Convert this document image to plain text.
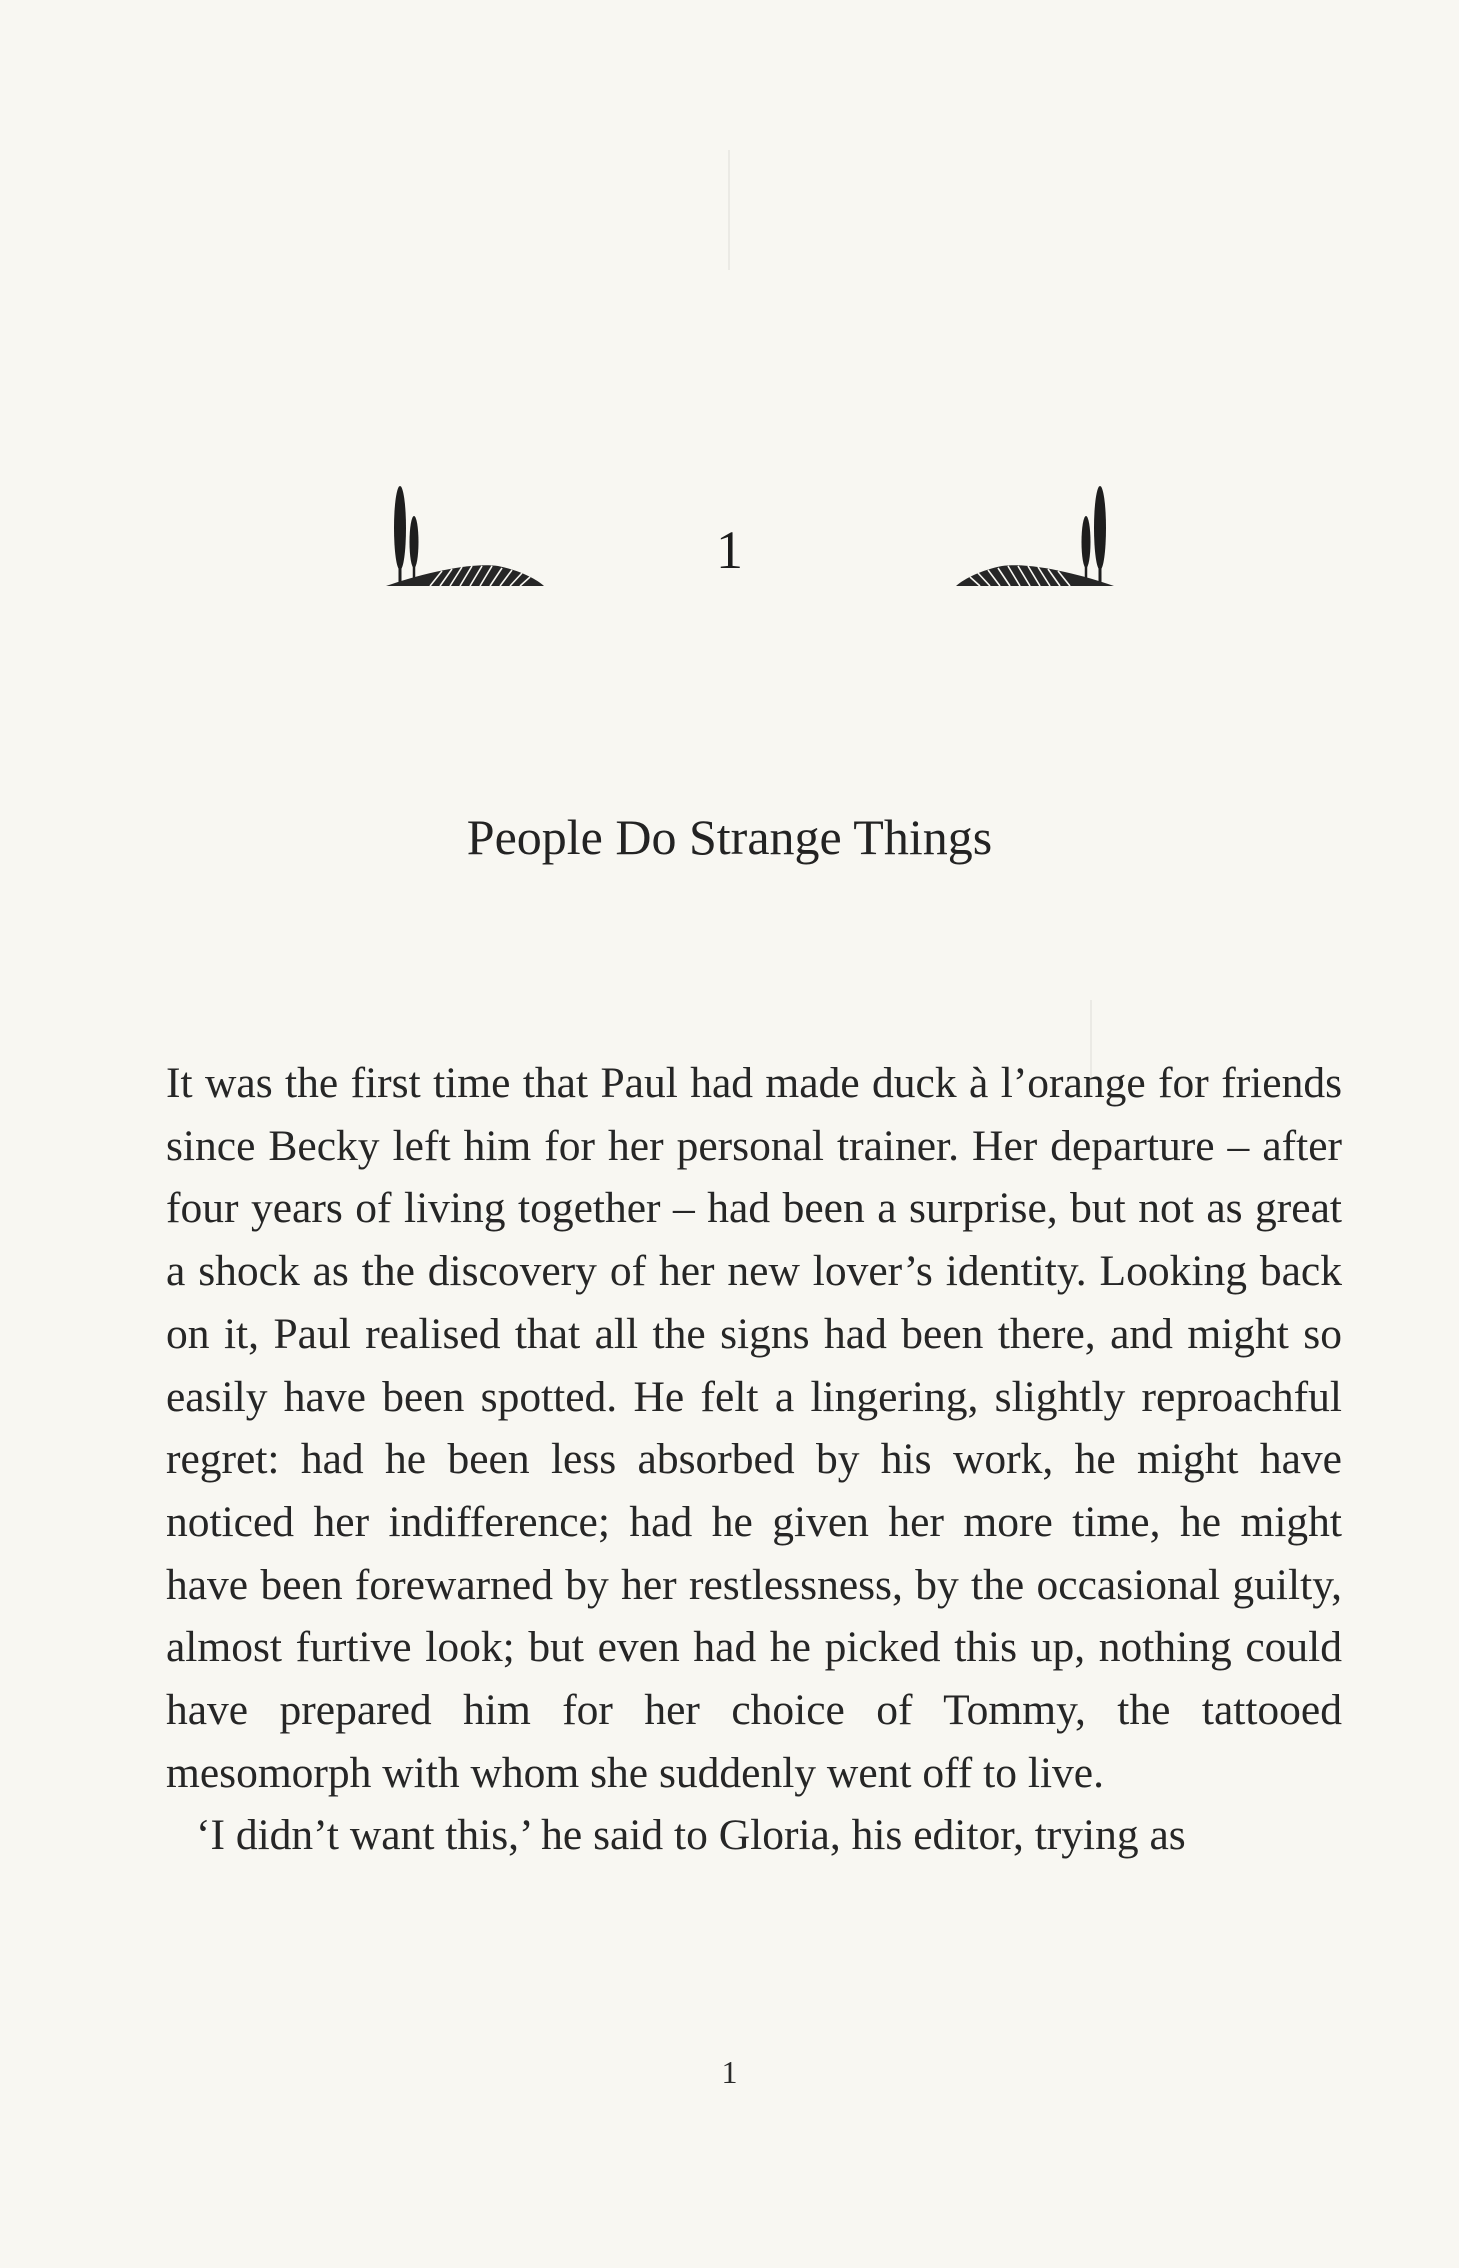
1
People Do Strange Things

It was the first time that Paul had made duck à l’orange for friends since Becky left him for her personal trainer. Her departure – after four years of living together – had been a surprise, but not as great a shock as the discovery of her new lover’s identity. Looking back on it, Paul realised that all the signs had been there, and might so easily have been spotted. He felt a lingering, slightly reproachful regret: had he been less absorbed by his work, he might have noticed her indifference; had he given her more time, he might have been forewarned by her restlessness, by the occasional guilty, almost furtive look; but even had he picked this up, nothing could have prepared him for her choice of Tommy, the tattooed mesomorph with whom she suddenly went off to live.

‘I didn’t want this,’ he said to Gloria, his editor, trying as

1
